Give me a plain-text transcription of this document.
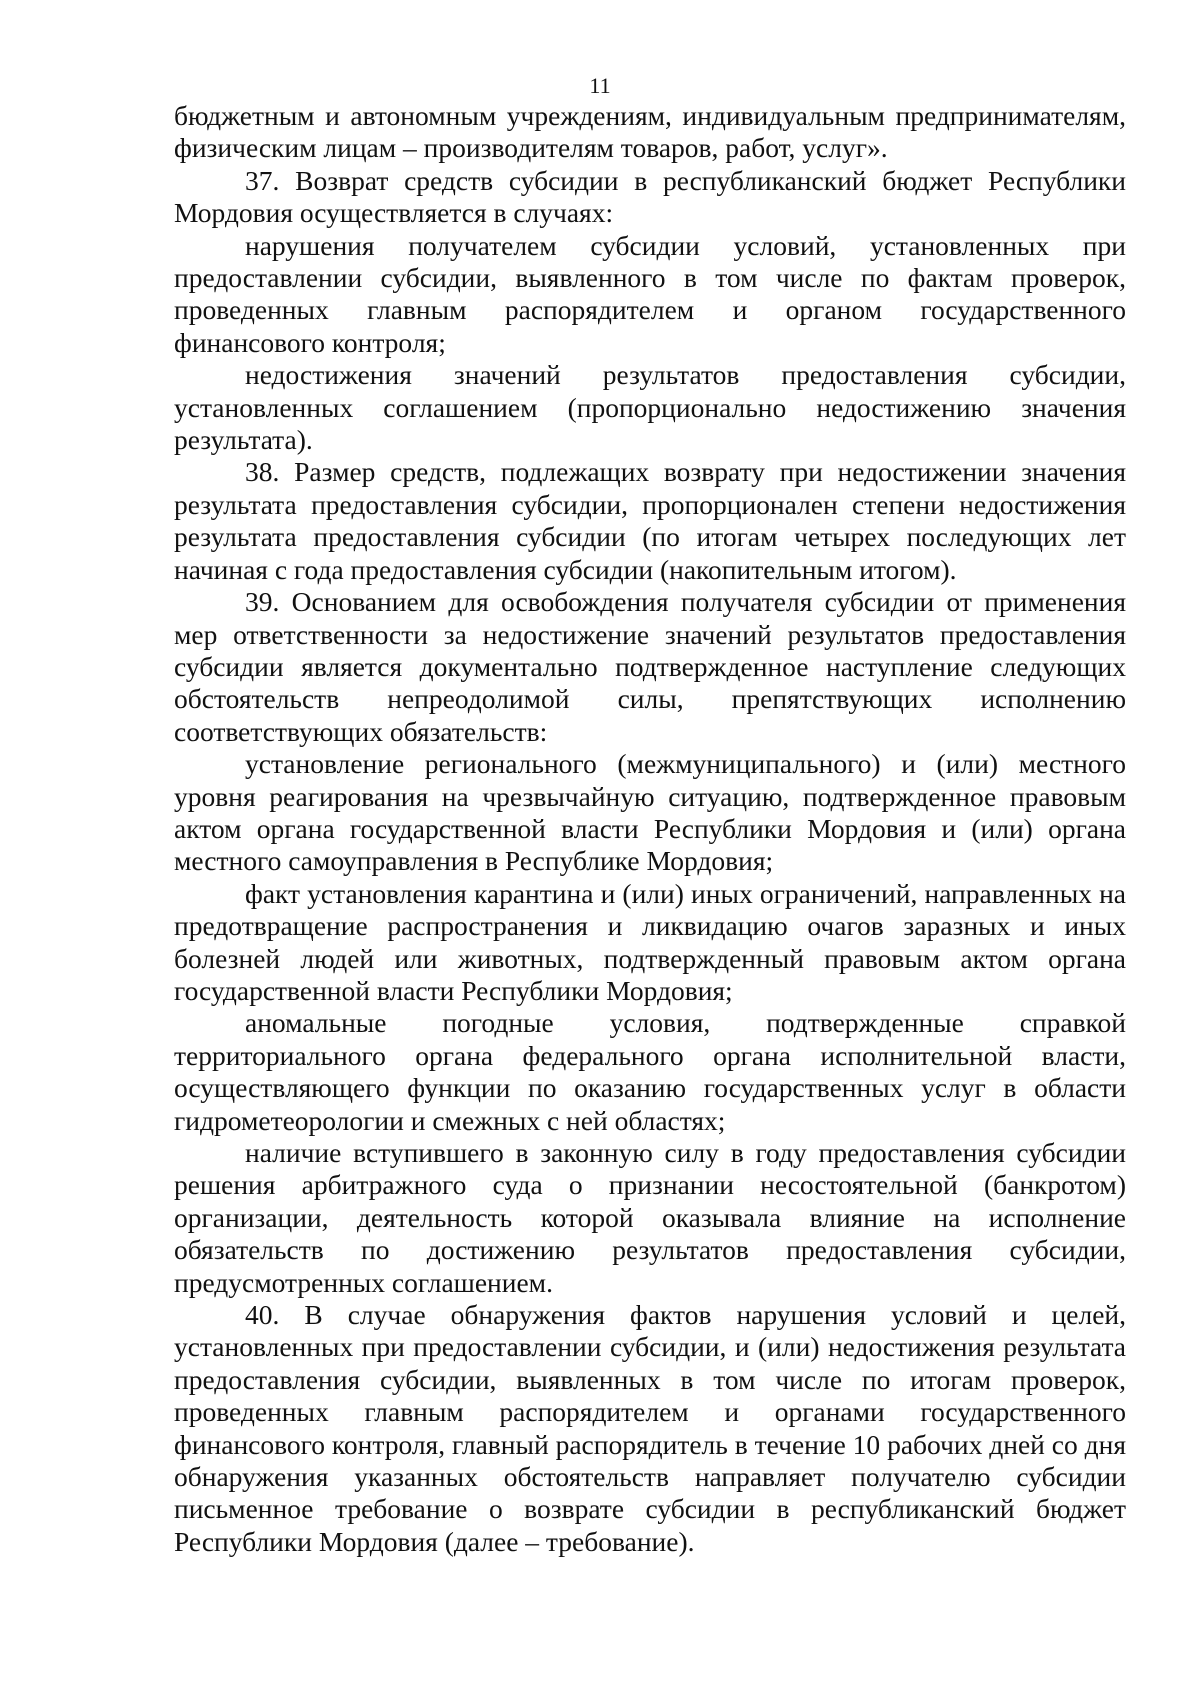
11

бюджетным и автономным учреждениям, индивидуальным предпринимателям, физическим лицам – производителям товаров, работ, услуг».

37. Возврат средств субсидии в республиканский бюджет Республики Мордовия осуществляется в случаях:

нарушения получателем субсидии условий, установленных при предоставлении субсидии, выявленного в том числе по фактам проверок, проведенных главным распорядителем и органом государственного финансового контроля;

недостижения значений результатов предоставления субсидии, установленных соглашением (пропорционально недостижению значения результата).

38. Размер средств, подлежащих возврату при недостижении значения результата предоставления субсидии, пропорционален степени недостижения результата предоставления субсидии (по итогам четырех последующих лет начиная с года предоставления субсидии (накопительным итогом).

39. Основанием для освобождения получателя субсидии от применения мер ответственности за недостижение значений результатов предоставления субсидии является документально подтвержденное наступление следующих обстоятельств непреодолимой силы, препятствующих исполнению соответствующих обязательств:

установление регионального (межмуниципального) и (или) местного уровня реагирования на чрезвычайную ситуацию, подтвержденное правовым актом органа государственной власти Республики Мордовия и (или) органа местного самоуправления в Республике Мордовия;

факт установления карантина и (или) иных ограничений, направленных на предотвращение распространения и ликвидацию очагов заразных и иных болезней людей или животных, подтвержденный правовым актом органа государственной власти Республики Мордовия;

аномальные погодные условия, подтвержденные справкой территориального органа федерального органа исполнительной власти, осуществляющего функции по оказанию государственных услуг в области гидрометеорологии и смежных с ней областях;

наличие вступившего в законную силу в году предоставления субсидии решения арбитражного суда о признании несостоятельной (банкротом) организации, деятельность которой оказывала влияние на исполнение обязательств по достижению результатов предоставления субсидии, предусмотренных соглашением.

40. В случае обнаружения фактов нарушения условий и целей, установленных при предоставлении субсидии, и (или) недостижения результата предоставления субсидии, выявленных в том числе по итогам проверок, проведенных главным распорядителем и органами государственного финансового контроля, главный распорядитель в течение 10 рабочих дней со дня обнаружения указанных обстоятельств направляет получателю субсидии письменное требование о возврате субсидии в республиканский бюджет Республики Мордовия (далее – требование).
